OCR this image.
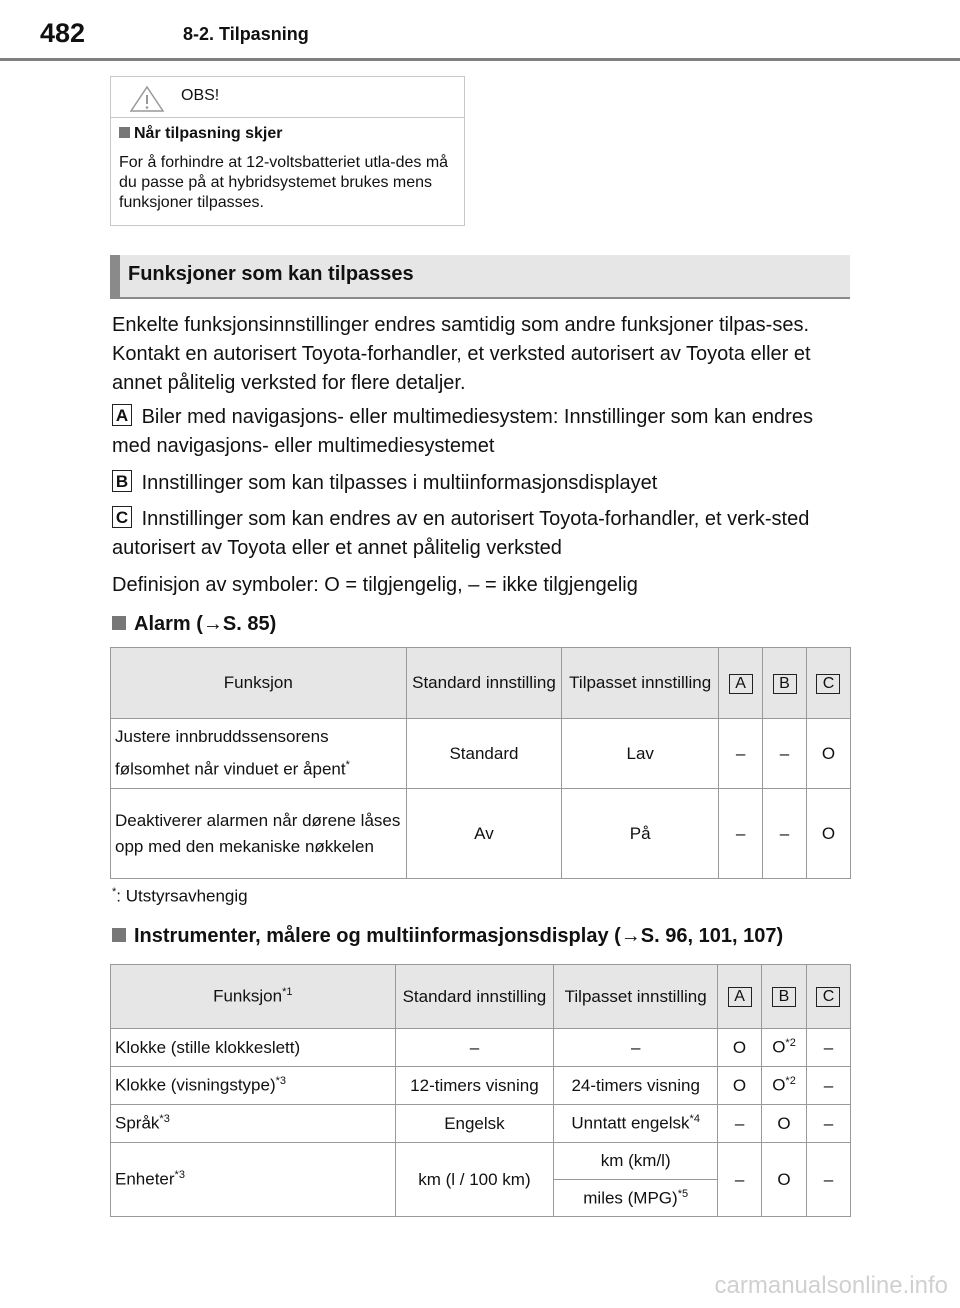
482	8-2. Tilpasning
OBS!
Når tilpasning skjer
For å forhindre at 12-voltsbatteriet utla-des må du passe på at hybridsystemet brukes mens funksjoner tilpasses.
Funksjoner som kan tilpasses
Enkelte funksjonsinnstillinger endres samtidig som andre funksjoner tilpas-ses. Kontakt en autorisert Toyota-forhandler, et verksted autorisert av Toyota eller et annet pålitelig verksted for flere detaljer.
A Biler med navigasjons- eller multimediesystem: Innstillinger som kan endres med navigasjons- eller multimediesystemet
B Innstillinger som kan tilpasses i multiinformasjonsdisplayet
C Innstillinger som kan endres av en autorisert Toyota-forhandler, et verk-sted autorisert av Toyota eller et annet pålitelig verksted
Definisjon av symboler: O = tilgjengelig, – = ikke tilgjengelig
Alarm (→S. 85)
Funksjon	Standard innstilling	Tilpasset innstilling	A	B	C
Justere innbruddssensorens følsomhet når vinduet er åpent*	Standard	Lav	–	–	O
Deaktiverer alarmen når dørene låses opp med den mekaniske nøkkelen	Av	På	–	–	O
*: Utstyrsavhengig
Instrumenter, målere og multiinformasjonsdisplay (→S. 96, 101, 107)
Funksjon$^{*1}$	Standard innstilling	Tilpasset innstilling	A	B	C
Klokke (stille klokkeslett)	–	–	O	$O^{*2}$	–
Klokke (visningstype)$^{*3}$	12-timers visning	24-timers visning	O	$O^{*2}$	–
Språk$^{*3}$	Engelsk	Unntatt engelsk$^{*4}$	–	O	–
Enheter$^{*3}$	km (l / 100 km)	km (km/l)	–	O	–
		miles (MPG)$^{*5}$
carmanualsonline.info
